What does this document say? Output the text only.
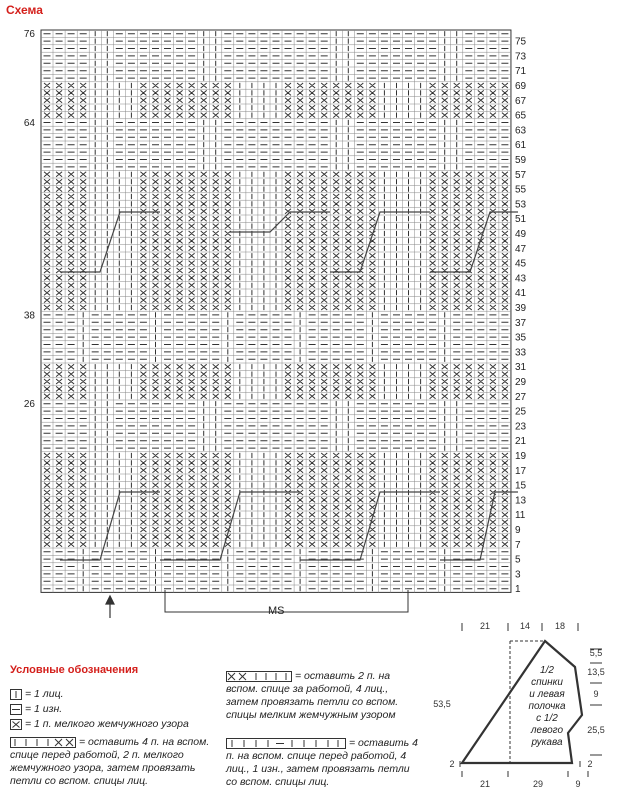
Схема
75
73
71
69
67
65
63
61
59
57
55
53
51
49
47
45
43
41
39
37
35
33
31
29
27
25
23
21
19
17
15
13
11
9
7
5
3
1
76
64
38
26
MS
Условные обозначения
= 1 лиц.
= 1 изн.
= 1 п. мелкого жемчужного узора
= оставить 4 п. на вспом. спице перед работой, 2 п. мелкого жемчужного узора, затем провязать петли со вспом. спицы лиц.
= оставить 2 п. на вспом. спице за работой, 4 лиц., затем провязать петли со вспом. спицы мелким жемчужным узором
= оставить 4 п. на вспом. спице перед работой, 4 лиц., 1 изн., затем провязать петли со вспом. спицы лиц.
21	14	18
5,5
13,5
9
25,5
53,5
21	29	9
2	2
1/2
спинки
и левая
полочка
с 1/2
левого
рукава
